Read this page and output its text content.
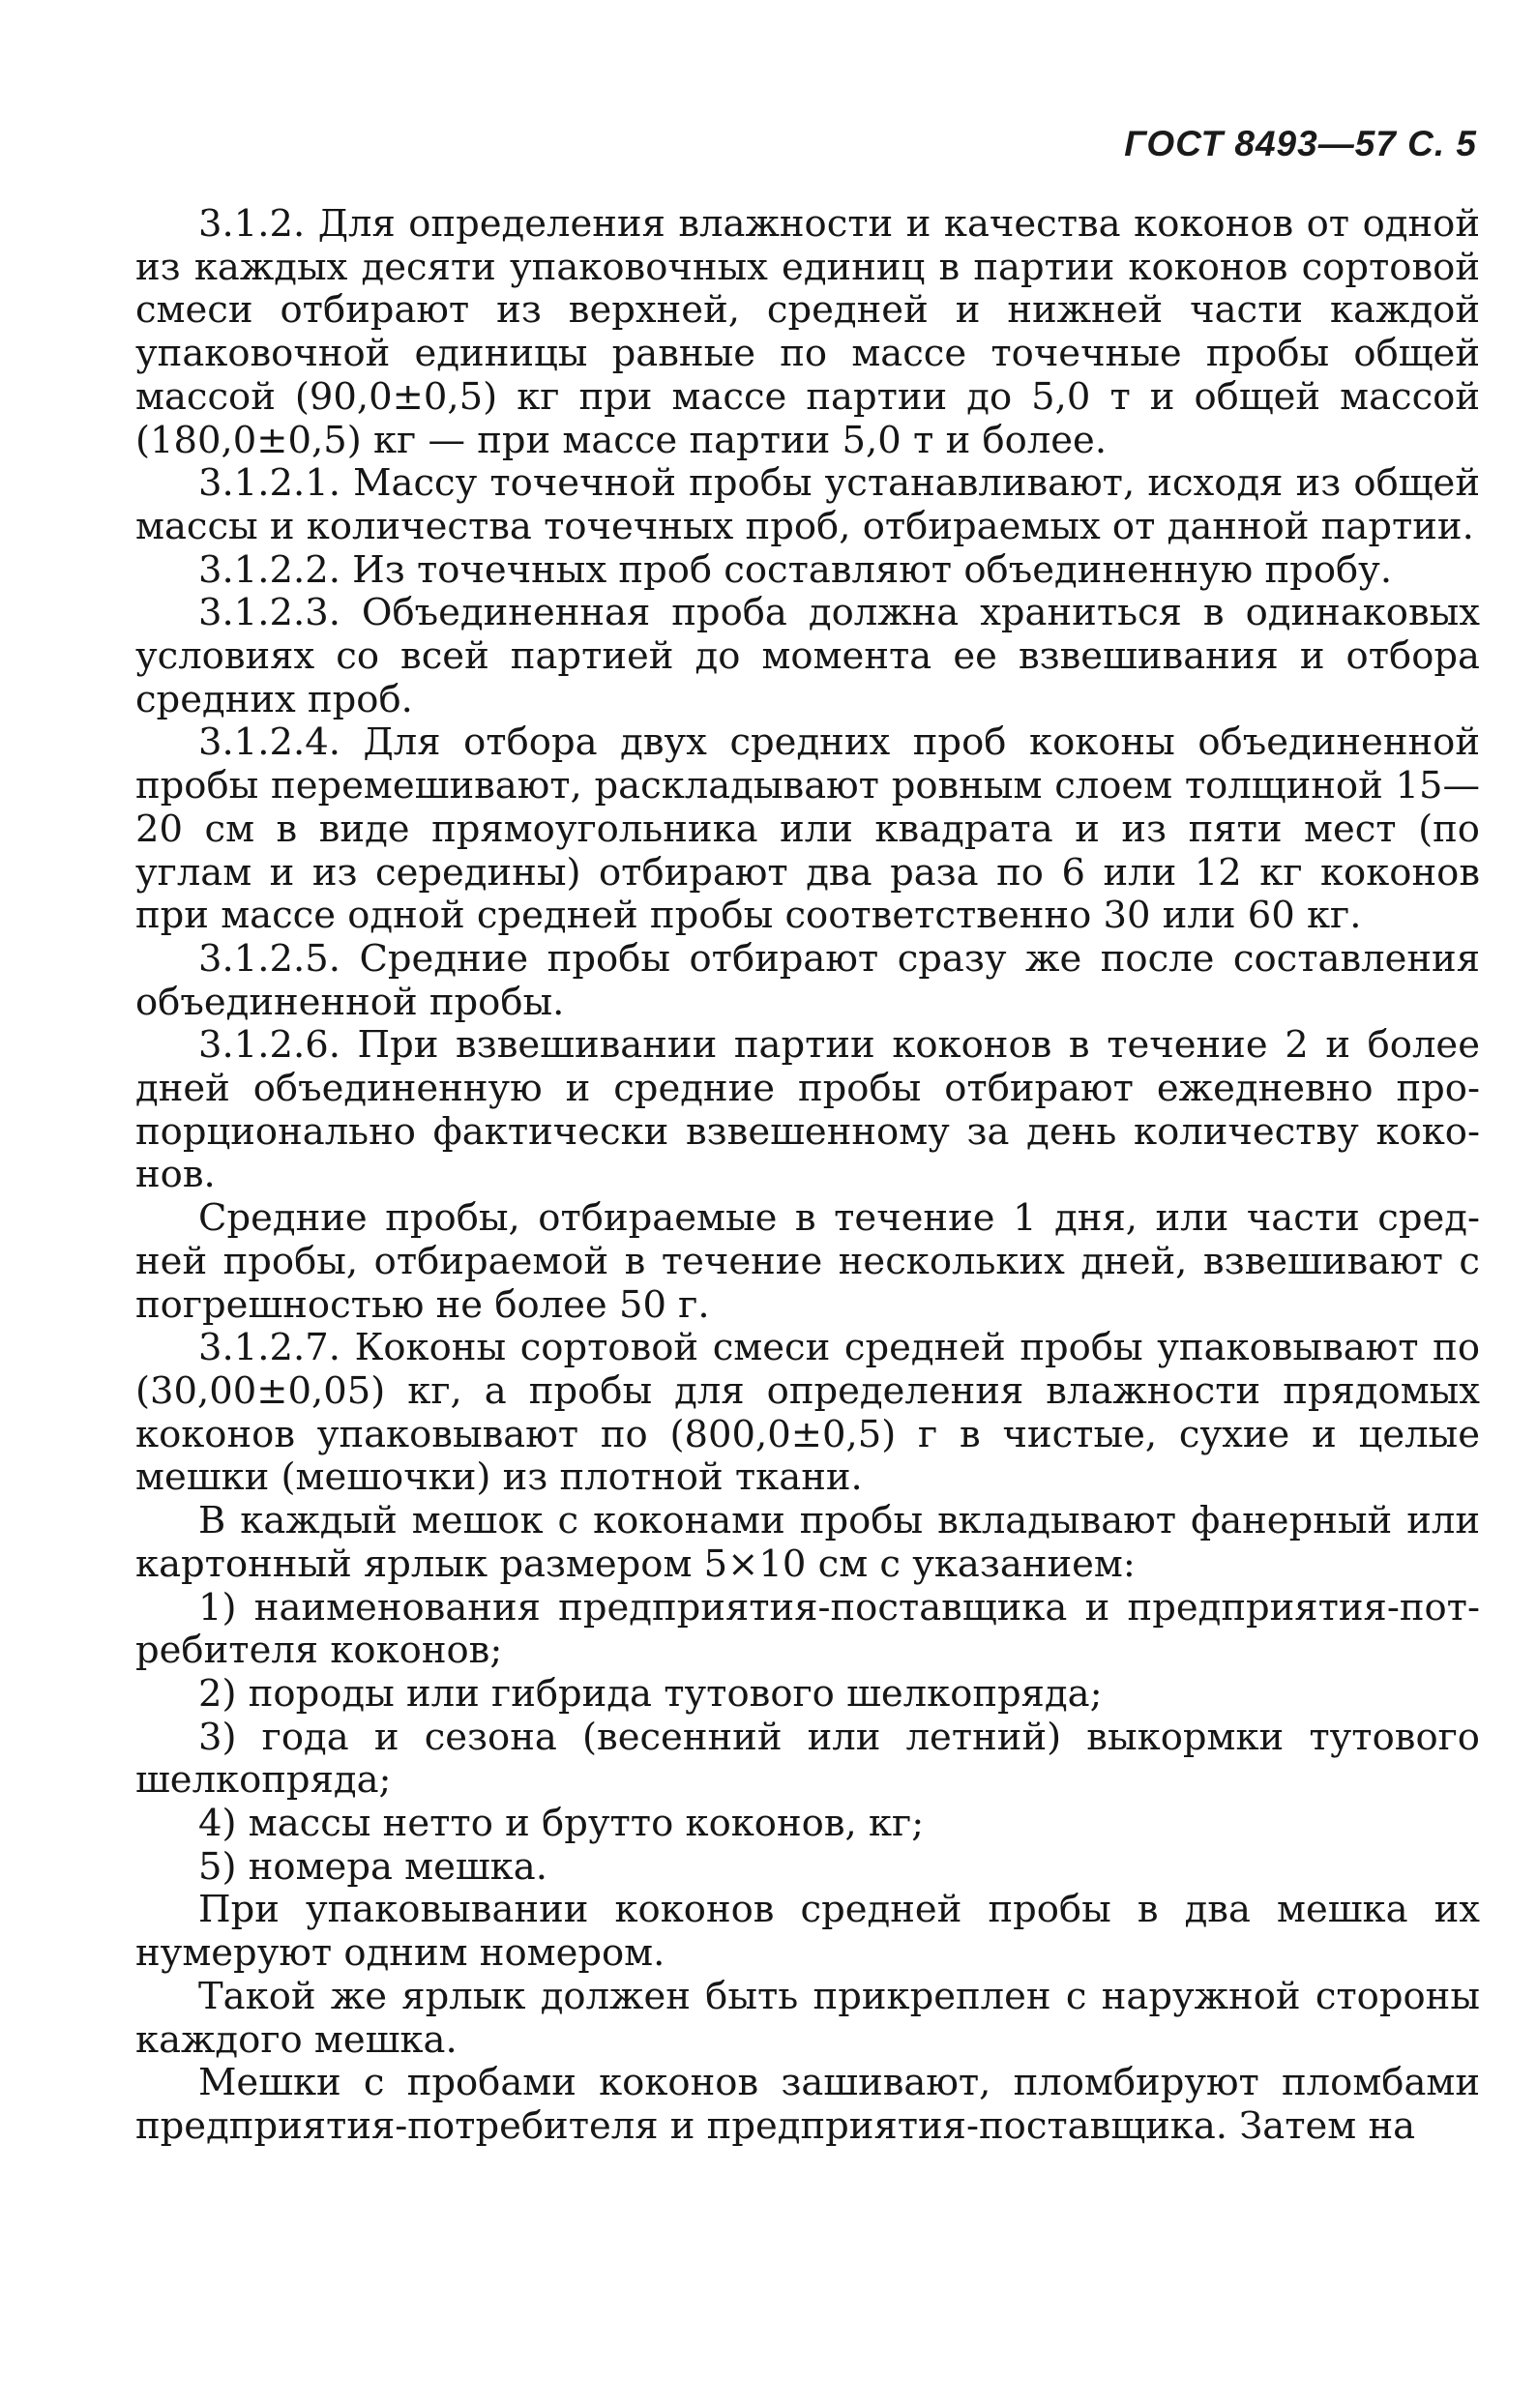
ГОСТ 8493—57 С. 5

3.1.2. Для определения влажности и качества коконов от одной из каждых десяти упаковочных единиц в партии коконов сортовой смеси отбирают из верхней, средней и нижней части каждой упаковочной единицы равные по массе точечные пробы общей массой (90,0±0,5) кг при массе партии до 5,0 т и общей массой (180,0±0,5) кг — при массе партии 5,0 т и более.

3.1.2.1. Массу точечной пробы устанавливают, исходя из общей массы и количества точечных проб, отбираемых от данной партии.

3.1.2.2. Из точечных проб составляют объединенную пробу.

3.1.2.3. Объединенная проба должна храниться в одинаковых условиях со всей партией до момента ее взвешивания и отбора средних проб.

3.1.2.4. Для отбора двух средних проб коконы объединенной пробы перемешивают, раскладывают ровным слоем толщиной 15—20 см в виде прямоугольника или квадрата и из пяти мест (по углам и из середины) отбирают два раза по 6 или 12 кг коконов при массе одной средней пробы соответственно 30 или 60 кг.

3.1.2.5. Средние пробы отбирают сразу же после составления объединенной пробы.

3.1.2.6. При взвешивании партии коконов в течение 2 и более дней объединенную и средние пробы отбирают ежедневно пропорционально фактически взвешенному за день количеству коконов.

Средние пробы, отбираемые в течение 1 дня, или части средней пробы, отбираемой в течение нескольких дней, взвешивают с погрешностью не более 50 г.

3.1.2.7. Коконы сортовой смеси средней пробы упаковывают по (30,00±0,05) кг, а пробы для определения влажности прядомых коконов упаковывают по (800,0±0,5) г в чистые, сухие и целые мешки (мешочки) из плотной ткани.

В каждый мешок с коконами пробы вкладывают фанерный или картонный ярлык размером 5×10 см с указанием:

1) наименования предприятия-поставщика и предприятия-потребителя коконов;

2) породы или гибрида тутового шелкопряда;

3) года и сезона (весенний или летний) выкормки тутового шелкопряда;

4) массы нетто и брутто коконов, кг;

5) номера мешка.

При упаковывании коконов средней пробы в два мешка их нумеруют одним номером.

Такой же ярлык должен быть прикреплен с наружной стороны каждого мешка.

Мешки с пробами коконов зашивают, пломбируют пломбами предприятия-потребителя и предприятия-поставщика. Затем на
